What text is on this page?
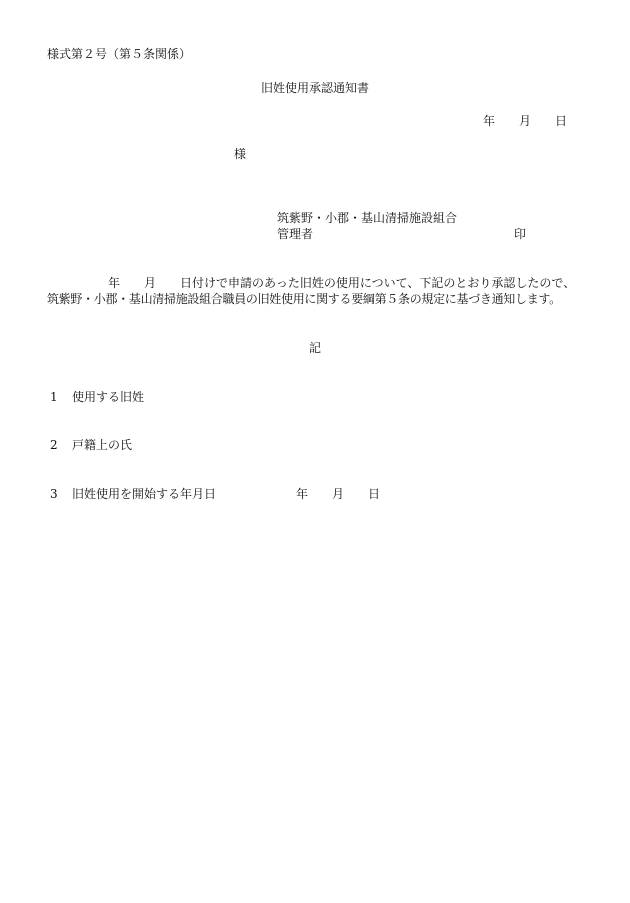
様式第２号（第５条関係）
旧姓使用承認通知書
年 月 日
様
筑紫野・小郡・基山清掃施設組合
管理者	印
年 月 日付けで申請のあった旧姓の使用について、下記のとおり承認したので、
筑紫野・小郡・基山清掃施設組合職員の旧姓使用に関する要綱第５条の規定に基づき通知します。
記
1 使用する旧姓
2 戸籍上の氏
3 旧姓使用を開始する年月日	年 月 日
